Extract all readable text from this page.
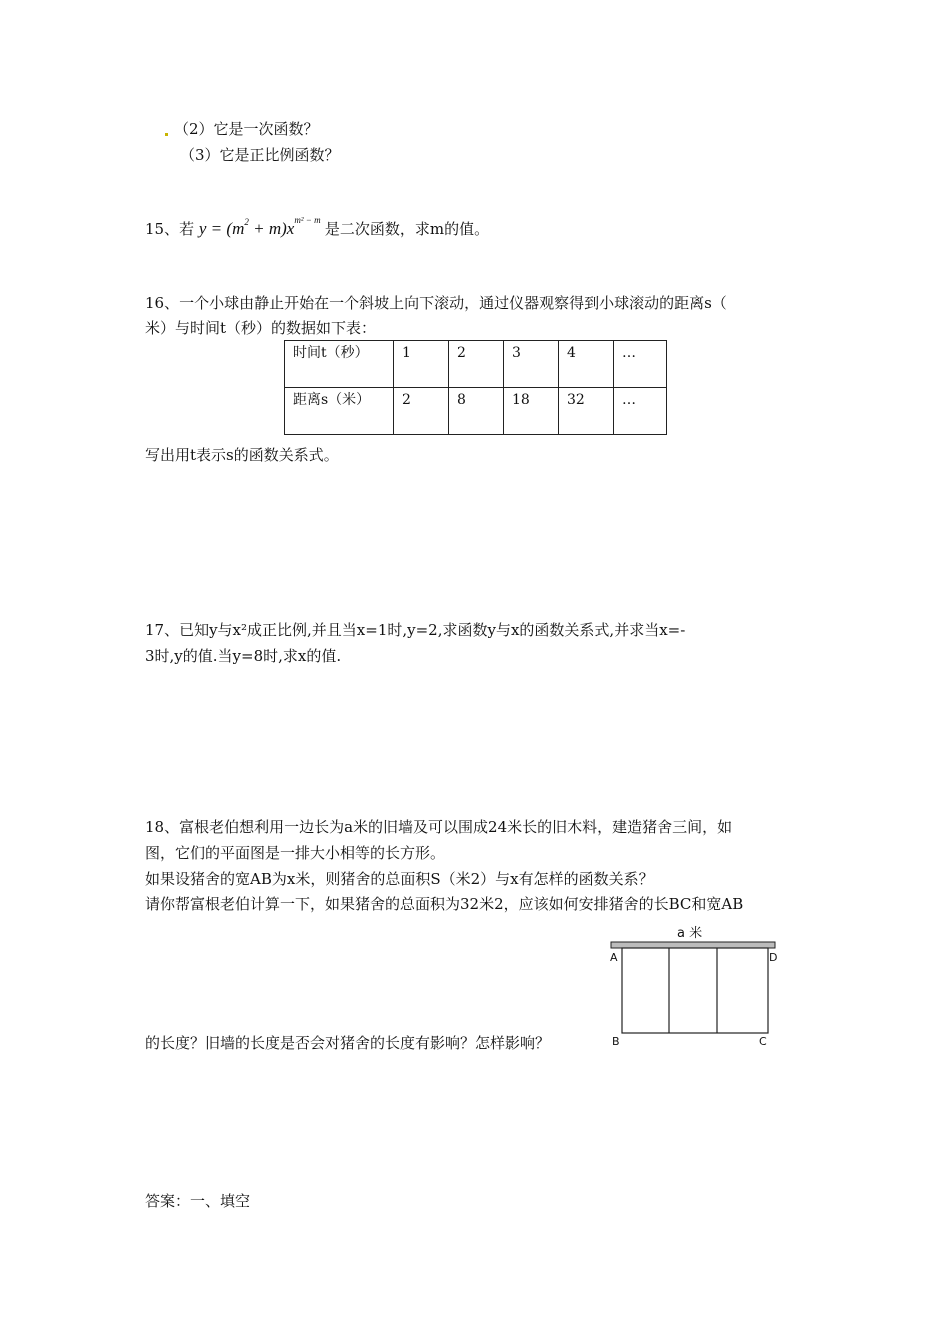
（2）它是一次函数？
（3）它是正比例函数？
15、若 $y = (m^2 + m)x^{m^2 - m}$ 是二次函数，求m的值。
16、一个小球由静止开始在一个斜坡上向下滚动，通过仪器观察得到小球滚动的距离s（
米）与时间t（秒）的数据如下表：
时间t（秒）	1	2	3	4	…
距离s（米）	2	8	18	32	…
写出用t表示s的函数关系式。
17、已知y与x²成正比例,并且当x=1时,y=2,求函数y与x的函数关系式,并求当x=-
3时,y的值.当y=8时,求x的值.
18、富根老伯想利用一边长为a米的旧墙及可以围成24米长的旧木料，建造猪舍三间，如
图，它们的平面图是一排大小相等的长方形。
如果设猪舍的宽AB为x米，则猪舍的总面积S（米2）与x有怎样的函数关系？
请你帮富根老伯计算一下，如果猪舍的总面积为32米2，应该如何安排猪舍的长BC和宽AB
a 米
A	D
B	C
的长度？旧墙的长度是否会对猪舍的长度有影响？怎样影响？
答案：一、填空
